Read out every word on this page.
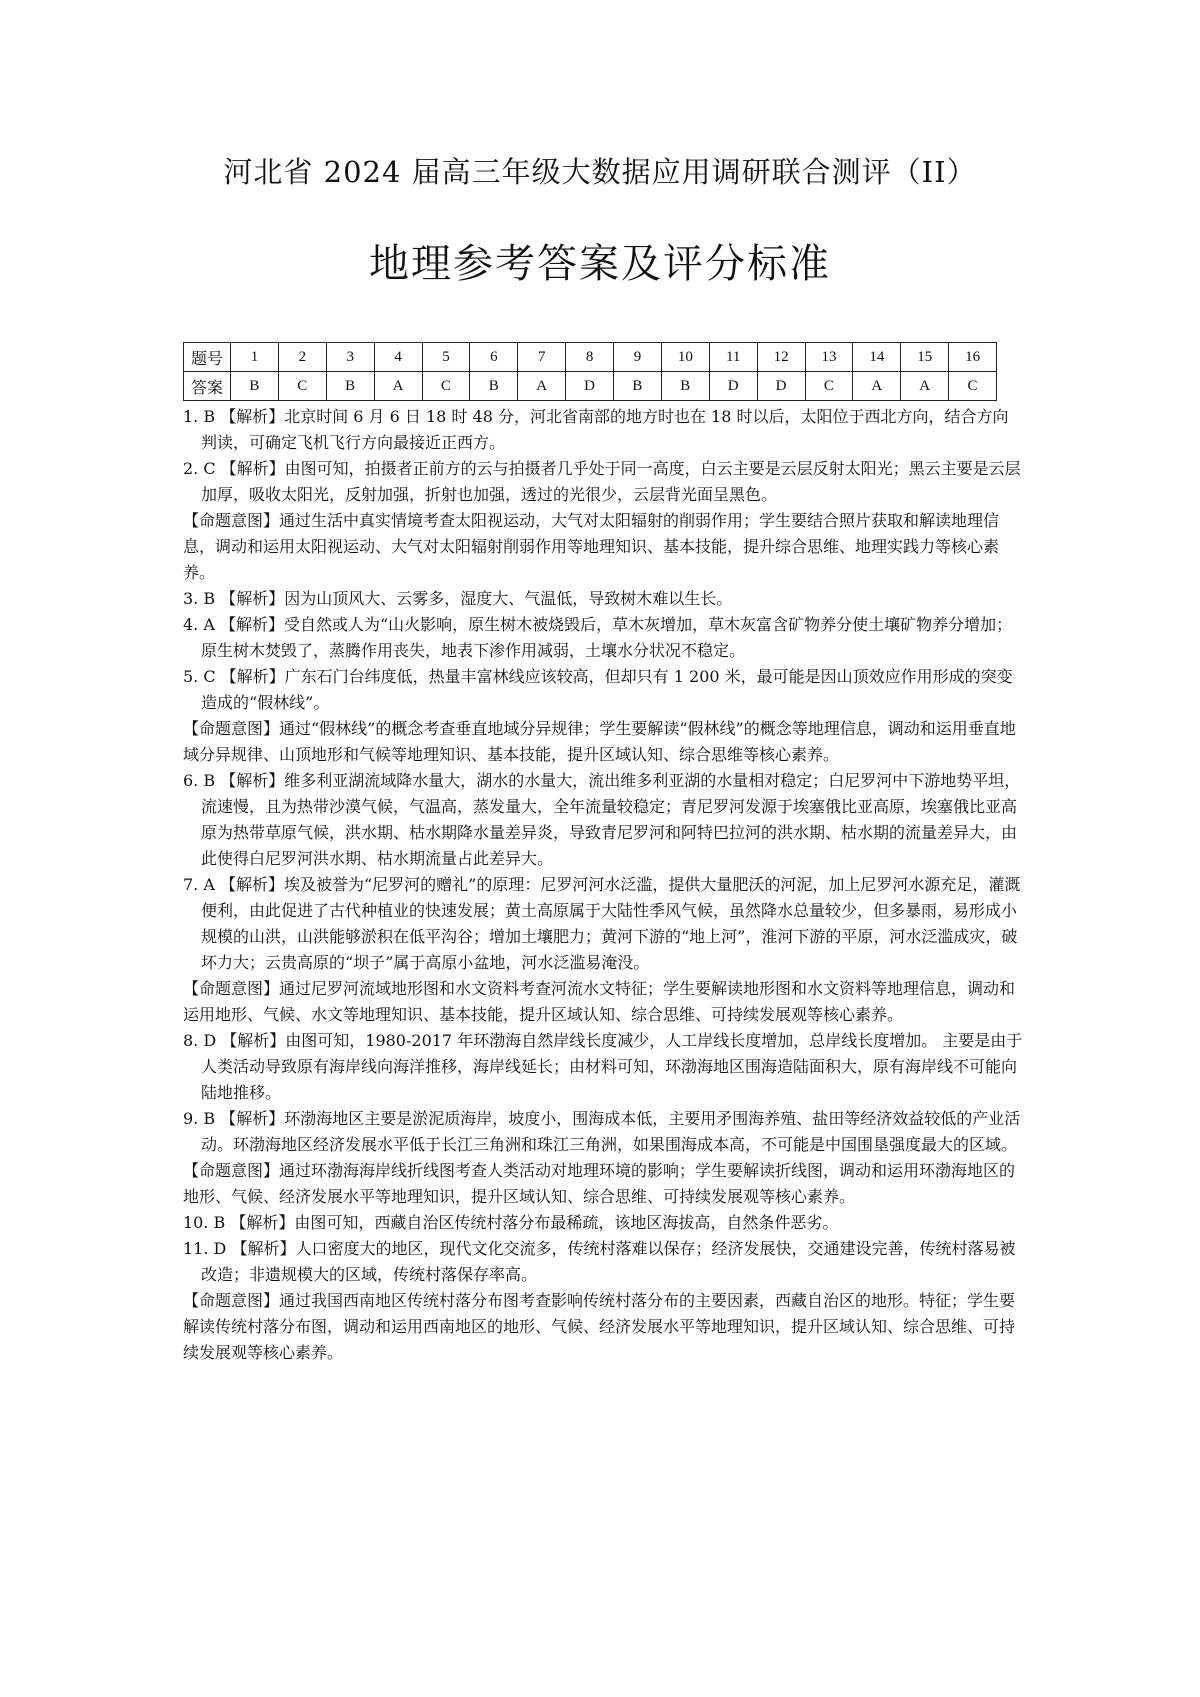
河北省 2024 届高三年级大数据应用调研联合测评（II）
地理参考答案及评分标准
题号	1	2	3	4	5	6	7	8	9	10	11	12	13	14	15	16
答案	B	C	B	A	C	B	A	D	B	B	D	D	C	A	A	C

1. B 【解析】北京时间 6 月 6 日 18 时 48 分，河北省南部的地方时也在 18 时以后，太阳位于西北方向，结合方向判读，可确定飞机飞行方向最接近正西方。

2. C 【解析】由图可知，拍摄者正前方的云与拍摄者几乎处于同一高度，白云主要是云层反射太阳光；黑云主要是云层加厚，吸收太阳光，反射加强，折射也加强，透过的光很少，云层背光面呈黑色。

【命题意图】通过生活中真实情境考查太阳视运动，大气对太阳辐射的削弱作用；学生要结合照片获取和解读地理信息，调动和运用太阳视运动、大气对太阳辐射削弱作用等地理知识、基本技能，提升综合思维、地理实践力等核心素养。

3. B 【解析】因为山顶风大、云雾多，湿度大、气温低，导致树木难以生长。

4. A 【解析】受自然或人为“山火影响，原生树木被烧毁后，草木灰增加，草木灰富含矿物养分使土壤矿物养分增加；原生树木焚毁了，蒸腾作用丧失，地表下渗作用减弱，土壤水分状况不稳定。

5. C 【解析】广东石门台纬度低，热量丰富林线应该较高，但却只有 1 200 米，最可能是因山顶效应作用形成的突变造成的“假林线”。

【命题意图】通过“假林线”的概念考查垂直地域分异规律；学生要解读“假林线”的概念等地理信息，调动和运用垂直地域分异规律、山顶地形和气候等地理知识、基本技能，提升区域认知、综合思维等核心素养。

6. B 【解析】维多利亚湖流域降水量大，湖水的水量大，流出维多利亚湖的水量相对稳定；白尼罗河中下游地势平坦，流速慢，且为热带沙漠气候，气温高，蒸发量大，全年流量较稳定；青尼罗河发源于埃塞俄比亚高原，埃塞俄比亚高原为热带草原气候，洪水期、枯水期降水量差异炎，导致青尼罗河和阿特巴拉河的洪水期、枯水期的流量差异大，由此使得白尼罗河洪水期、枯水期流量占此差异大。

7. A 【解析】埃及被誉为“尼罗河的赠礼”的原理：尼罗河河水泛滥，提供大量肥沃的河泥，加上尼罗河水源充足，灌溉便利，由此促进了古代种植业的快速发展；黄土高原属于大陆性季风气候，虽然降水总量较少，但多暴雨，易形成小规模的山洪，山洪能够淤积在低平沟谷；增加土壤肥力；黄河下游的“地上河”，淮河下游的平原，河水泛滥成灾，破坏力大；云贵高原的“坝子”属于高原小盆地，河水泛滥易淹没。

【命题意图】通过尼罗河流域地形图和水文资料考查河流水文特征；学生要解读地形图和水文资料等地理信息，调动和运用地形、气候、水文等地理知识、基本技能，提升区域认知、综合思维、可持续发展观等核心素养。

8. D 【解析】由图可知，1980-2017 年环渤海自然岸线长度减少，人工岸线长度增加，总岸线长度增加。 主要是由于人类活动导致原有海岸线向海洋推移，海岸线延长；由材料可知，环渤海地区围海造陆面积大，原有海岸线不可能向陆地推移。

9. B 【解析】环渤海地区主要是淤泥质海岸，坡度小，围海成本低，主要用矛围海养殖、盐田等经济效益较低的产业活动。环渤海地区经济发展水平低于长江三角洲和珠江三角洲，如果围海成本高，不可能是中国围垦强度最大的区域。

【命题意图】通过环渤海海岸线折线图考查人类活动对地理环境的影响；学生要解读折线图，调动和运用环渤海地区的地形、气候、经济发展水平等地理知识，提升区域认知、综合思维、可持续发展观等核心素养。

10. B 【解析】由图可知，西藏自治区传统村落分布最稀疏，该地区海拔高，自然条件恶劣。

11. D 【解析】人口密度大的地区，现代文化交流多，传统村落难以保存；经济发展快，交通建设完善，传统村落易被改造；非遗规模大的区域，传统村落保存率高。

【命题意图】通过我国西南地区传统村落分布图考查影响传统村落分布的主要因素，西藏自治区的地形。特征；学生要解读传统村落分布图，调动和运用西南地区的地形、气候、经济发展水平等地理知识，提升区域认知、综合思维、可持续发展观等核心素养。
